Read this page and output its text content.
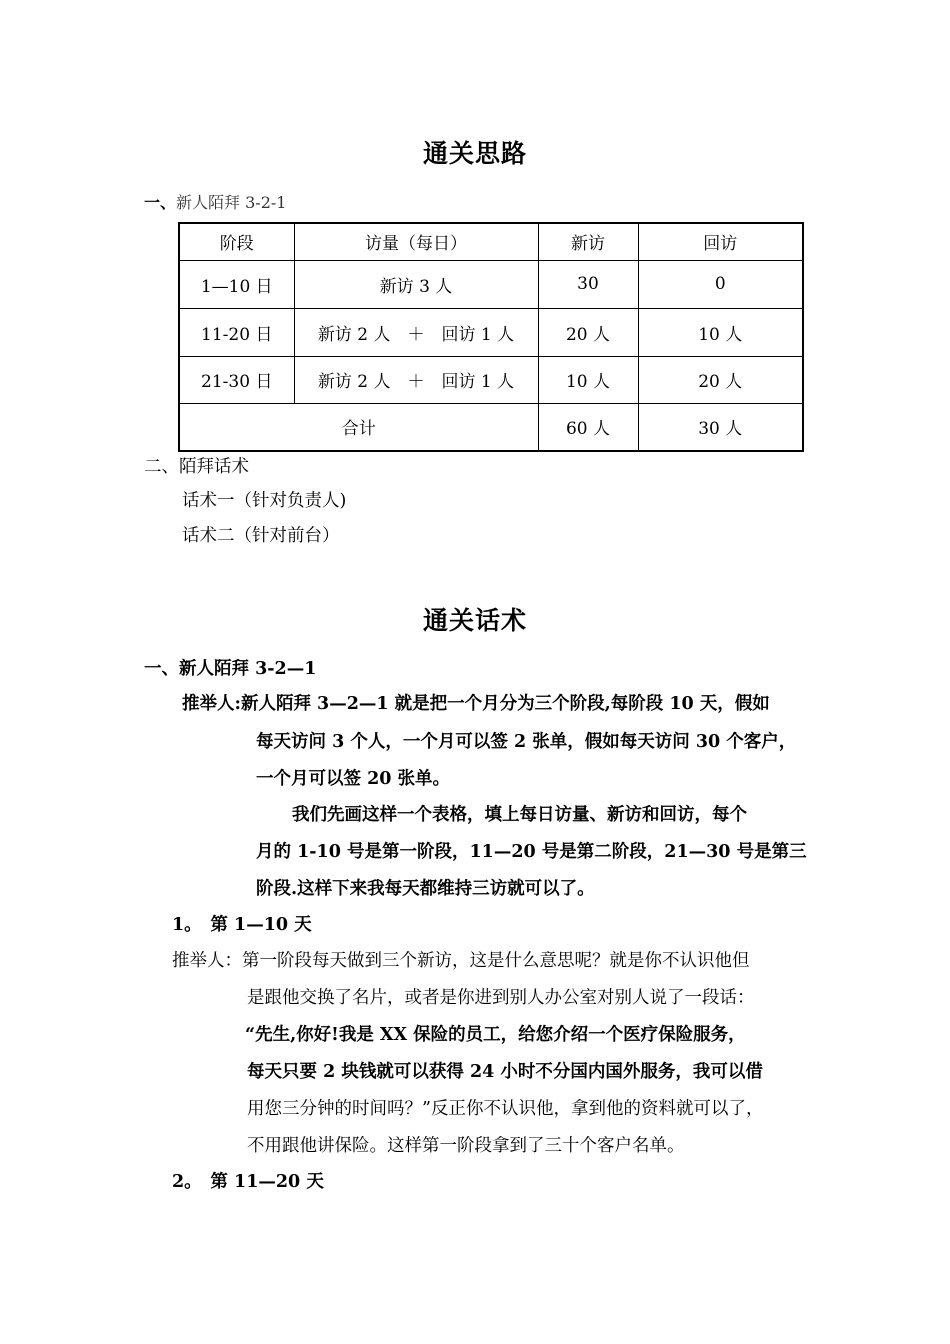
通关思路
一、新人陌拜 3-2-1
阶段	访量（每日）	新访	回访
1—10 日	新访 3 人	30	0
11-20 日	新访 2 人　＋　回访 1 人	20 人	10 人
21-30 日	新访 2 人　＋　回访 1 人	10 人	20 人
合计		60 人	30 人
二、陌拜话术
话术一（针对负责人)
话术二（针对前台）
通关话术
一、新人陌拜 3-2—1
推举人:新人陌拜 3—2—1 就是把一个月分为三个阶段,每阶段 10 天，假如
每天访问 3 个人，一个月可以签 2 张单，假如每天访问 30 个客户，
一个月可以签 20 张单。
我们先画这样一个表格，填上每日访量、新访和回访，每个
月的 1-10 号是第一阶段，11—20 号是第二阶段，21—30 号是第三
阶段.这样下来我每天都维持三访就可以了。
1。　第 1—10 天
推举人：第一阶段每天做到三个新访，这是什么意思呢？就是你不认识他但
是跟他交换了名片，或者是你进到别人办公室对别人说了一段话：
“先生,你好!我是 XX 保险的员工，给您介绍一个医疗保险服务，
每天只要 2 块钱就可以获得 24 小时不分国内国外服务，我可以借
用您三分钟的时间吗？”反正你不认识他，拿到他的资料就可以了，
不用跟他讲保险。这样第一阶段拿到了三十个客户名单。
2。　第 11—20 天
